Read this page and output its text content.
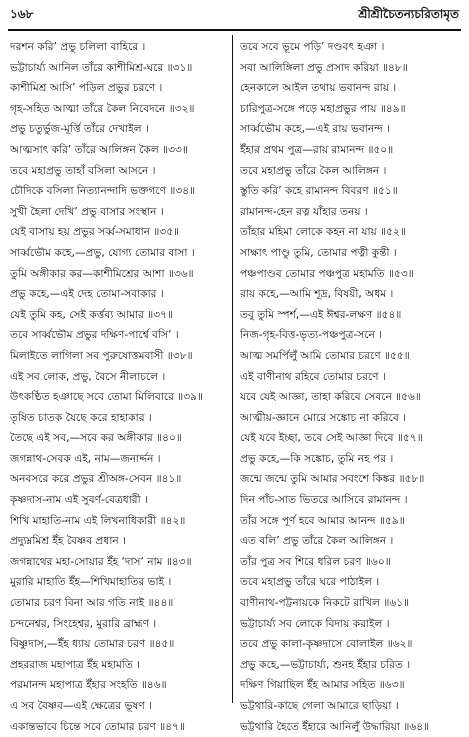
১৬৮	শ্রীশ্রীচৈতন্যচরিতামৃত
দরশন করি’ প্রভু চলিলা বাহিরে ।
ভট্টাচার্য্য আনিল তাঁরে কাশীমিশ্র-ঘরে ॥৩১॥
কাশীমিশ্র আসি’ পড়িল প্রভুর চরণে ।
গৃহ-সহিত আত্মা তাঁরে কৈল নিবেদনে ॥৩২॥
প্রভু চতুর্ভুজ-মূর্ত্তি তাঁরে দেখাইল ।
আত্মসাৎ করি’ তাঁরে আলিঙ্গন কৈল ॥৩৩॥
তবে মহাপ্রভু তাহাঁ বসিলা আসনে ।
চৌদিকে বসিলা নিত্যানন্দাদি ভক্তগণে ॥৩৪॥
সুখী হৈলা দেখি’ প্রভু বাসার সংস্থান ।
যেই বাসায় হয় প্রভুর সর্ব্ব-সমাধান ॥৩৫॥
সার্ব্বভৌম কহে,—প্রভু, যোগ্য তোমার বাসা ।
তুমি অঙ্গীকার কর—কাশীমিশ্রের আশা ॥৩৬॥
প্রভু কহে,—এই দেহ তোমা-সবাকার ।
যেই তুমি কহ, সেই কর্ত্তব্য আমার ॥৩৭॥
তবে সার্ব্বভৌম প্রভুর দক্ষিণ-পার্শ্বে বসি’ ।
মিলাইতে লাগিলা সব পুরুষোত্তমবাসী ॥৩৮॥
এই সব লোক, প্রভু, বৈসে নীলাচলে ।
উৎকণ্ঠিত হঞাছে সবে তোমা মিলিবারে ॥৩৯॥
তৃষিত চাতক যৈছে করে হাহাকার ।
তৈছে এই সব,—সবে কর অঙ্গীকার ॥৪০॥
জগন্নাথ-সেবক এই, নাম—জনার্দ্দন ।
অনবসরে করে প্রভুর শ্রীঅঙ্গ-সেবন ॥৪১॥
কৃষ্ণদাস-নাম এই সুবর্ণ-বেত্রধারী ।
শিখি মাহাতি-নাম এই লিখনাধিকারী ॥৪২॥
প্রদ্যুম্নমিশ্র ইঁহ বৈষ্ণব প্রধান ।
জগন্নাথের মহা-সোয়ার ইঁহ ‘দাস’ নাম ॥৪৩॥
মুরারি মাহাতি ইঁহ—শিখিমাহাতির ভাই ।
তোমার চরণ বিনা আর গতি নাই ॥৪৪॥
চন্দনেশ্বর, সিংহেশ্বর, মুরারি ব্রাহ্মণ ।
বিষ্ণুদাস,—ইঁহ ধ্যায় তোমার চরণ ॥৪৫॥
প্রহররাজ মহাপাত্র ইঁহ মহামতি ।
পরমানন্দ মহাপাত্র ইঁহার সংহতি ॥৪৬॥
এ সব বৈষ্ণব—এই ক্ষেত্রের ভূষণ ।
একান্তভাবে চিন্তে সবে তোমার চরণ ॥৪৭॥
তবে সবে ভূমে পড়ি’ দণ্ডবৎ হঞা ।
সবা আলিঙ্গিলা প্রভু প্রসাদ করিয়া ॥৪৮॥
হেনকালে আইল তথায় ভবানন্দ রায় ।
চারিপুত্র-সঙ্গে পড়ে মহাপ্রভুর পায় ॥৪৯॥
সার্ব্বভৌম কহে,—এই রায় ভবানন্দ ।
ইঁহার প্রথম পুত্র—রায় রামানন্দ ॥৫০॥
তবে মহাপ্রভু তাঁরে কৈল আলিঙ্গন ।
স্তুতি করি’ কহে রামানন্দ বিবরণ ॥৫১॥
রামানন্দ-হেন রত্ন যাঁহার তনয় ।
তাঁহার মহিমা লোকে কহন না যায় ॥৫২॥
সাক্ষাৎ পাণ্ডু তুমি, তোমার পত্নী কুন্তী ।
পঞ্চপাণ্ডব তোমার পঞ্চপুত্র মহামতি ॥৫৩॥
রায় কহে,—আমি শূদ্র, বিষয়ী, অধম ।
তবু তুমি স্পর্শ,—এই ঈশ্বর-লক্ষণ ॥৫৪॥
নিজ-গৃহ-বিত্ত-ভৃত্য-পঞ্চপুত্র-সনে ।
আত্ম সমর্পিলুঁ আমি তোমার চরণে ॥৫৫॥
এই বাণীনাথ রহিবে তোমার চরণে ।
যবে যেই আজ্ঞা, তাহা করিবে সেবনে ॥৫৬॥
আত্মীয়-জ্ঞানে মোরে সঙ্কোচ না করিবে ।
যেই যবে ইচ্ছা, তবে সেই আজ্ঞা দিবে ॥৫৭॥
প্রভু কহে,—কি সঙ্কোচ, তুমি নহ পর ।
জন্মে জন্মে তুমি আমার সবংশে কিঙ্কর ॥৫৮॥
দিন পাঁচ-সাত ভিতরে আসিবে রামানন্দ ।
তাঁর সঙ্গে পূর্ণ হবে আমার আনন্দ ॥৫৯॥
এত বলি’ প্রভু তাঁরে কৈল আলিঙ্গন ।
তাঁর পুত্র সব শিরে ধরিল চরণ ॥৬০॥
তবে মহাপ্রভু তাঁরে ঘরে পাঠাইল ।
বাণীনাথ-পট্টনায়কে নিকটে রাখিল ॥৬১॥
ভট্টাচার্য্য সব লোকে বিদায় করাইল ।
তবে প্রভু কালা-কৃষ্ণদাসে বোলাইল ॥৬২॥
প্রভু কহে,—ভট্টাচার্য্য, শুনহ ইঁহার চরিত ।
দক্ষিণ গিয়াছিল ইঁহ আমার সহিত ॥৬৩॥
ভট্টথারি-কাছে গেলা আমারে ছাড়িয়া ।
ভট্টথারি হৈতে ইঁহারে আনিলুঁ উদ্ধারিয়া ॥৬৪॥
